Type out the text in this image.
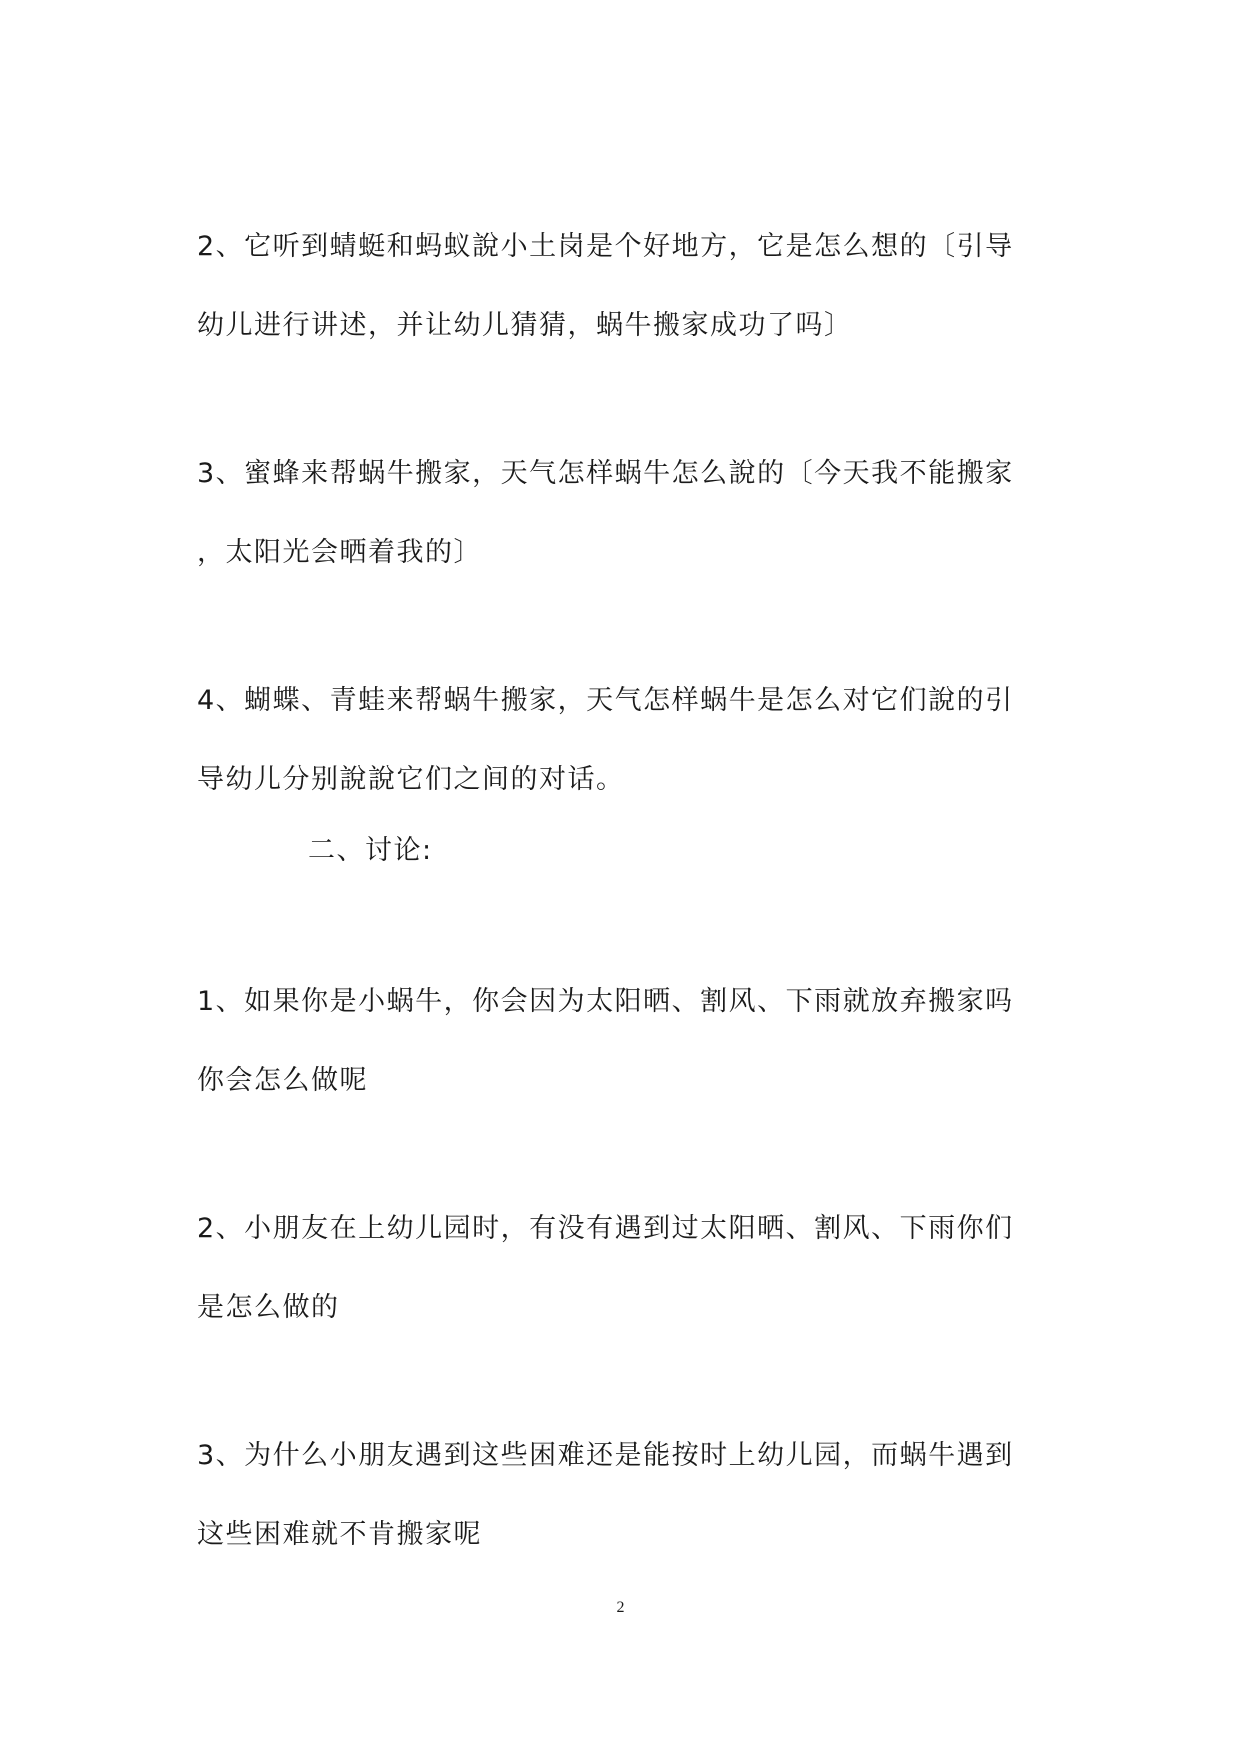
2、它听到蜻蜓和蚂蚁說小土岗是个好地方，它是怎么想的〔引导
幼儿进行讲述，并让幼儿猜猜，蜗牛搬家成功了吗〕
3、蜜蜂来帮蜗牛搬家，天气怎样蜗牛怎么說的〔今天我不能搬家
，太阳光会晒着我的〕
4、蝴蝶、青蛙来帮蜗牛搬家，天气怎样蜗牛是怎么对它们說的引
导幼儿分别說說它们之间的对话。
二、讨论:
1、如果你是小蜗牛，你会因为太阳晒、割风、下雨就放弃搬家吗
你会怎么做呢
2、小朋友在上幼儿园时，有没有遇到过太阳晒、割风、下雨你们
是怎么做的
3、为什么小朋友遇到这些困难还是能按时上幼儿园，而蜗牛遇到
这些困难就不肯搬家呢
2
